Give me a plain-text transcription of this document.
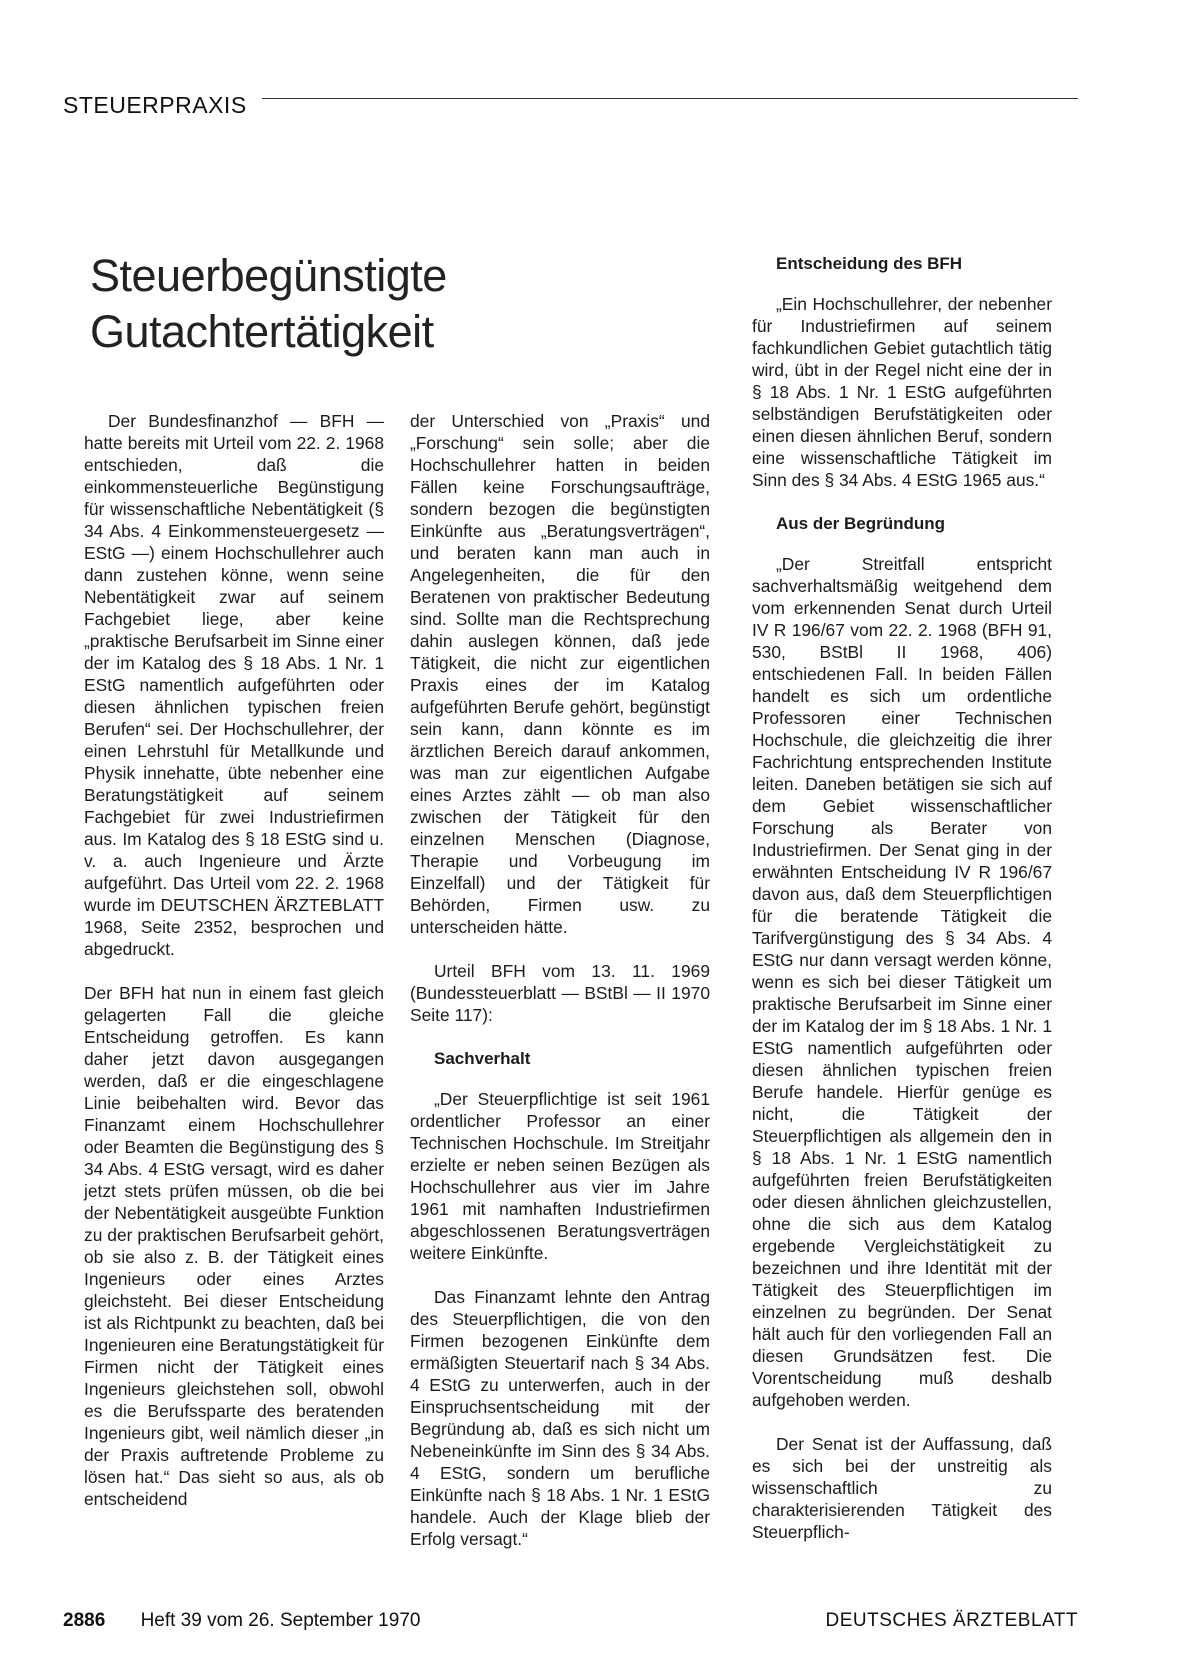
STEUERPRAXIS
Steuerbegünstigte
Gutachtertätigkeit

Der Bundesfinanzhof — BFH — hatte bereits mit Urteil vom 22. 2. 1968 entschieden, daß die einkommensteuerliche Begünstigung für wissenschaftliche Nebentätigkeit (§ 34 Abs. 4 Einkommensteuergesetz — EStG —) einem Hochschullehrer auch dann zustehen könne, wenn seine Nebentätigkeit zwar auf seinem Fachgebiet liege, aber keine „praktische Berufsarbeit im Sinne einer der im Katalog des § 18 Abs. 1 Nr. 1 EStG namentlich aufgeführten oder diesen ähnlichen typischen freien Berufen“ sei. Der Hochschullehrer, der einen Lehrstuhl für Metallkunde und Physik innehatte, übte nebenher eine Beratungstätigkeit auf seinem Fachgebiet für zwei Industriefirmen aus. Im Katalog des § 18 EStG sind u. v. a. auch Ingenieure und Ärzte aufgeführt. Das Urteil vom 22. 2. 1968 wurde im DEUTSCHEN ÄRZTEBLATT 1968, Seite 2352, besprochen und abgedruckt.

Der BFH hat nun in einem fast gleich gelagerten Fall die gleiche Entscheidung getroffen. Es kann daher jetzt davon ausgegangen werden, daß er die eingeschlagene Linie beibehalten wird. Bevor das Finanzamt einem Hochschullehrer oder Beamten die Begünstigung des § 34 Abs. 4 EStG versagt, wird es daher jetzt stets prüfen müssen, ob die bei der Nebentätigkeit ausgeübte Funktion zu der praktischen Berufsarbeit gehört, ob sie also z. B. der Tätigkeit eines Ingenieurs oder eines Arztes gleichsteht. Bei dieser Entscheidung ist als Richtpunkt zu beachten, daß bei Ingenieuren eine Beratungstätigkeit für Firmen nicht der Tätigkeit eines Ingenieurs gleichstehen soll, obwohl es die Berufssparte des beratenden Ingenieurs gibt, weil nämlich dieser „in der Praxis auftretende Probleme zu lösen hat.“ Das sieht so aus, als ob entscheidend

der Unterschied von „Praxis“ und „Forschung“ sein solle; aber die Hochschullehrer hatten in beiden Fällen keine Forschungsaufträge, sondern bezogen die begünstigten Einkünfte aus „Beratungsverträgen“, und beraten kann man auch in Angelegenheiten, die für den Beratenen von praktischer Bedeutung sind. Sollte man die Rechtsprechung dahin auslegen können, daß jede Tätigkeit, die nicht zur eigentlichen Praxis eines der im Katalog aufgeführten Berufe gehört, begünstigt sein kann, dann könnte es im ärztlichen Bereich darauf ankommen, was man zur eigentlichen Aufgabe eines Arztes zählt — ob man also zwischen der Tätigkeit für den einzelnen Menschen (Diagnose, Therapie und Vorbeugung im Einzelfall) und der Tätigkeit für Behörden, Firmen usw. zu unterscheiden hätte.

Urteil BFH vom 13. 11. 1969 (Bundessteuerblatt — BStBl — II 1970 Seite 117):

Sachverhalt

„Der Steuerpflichtige ist seit 1961 ordentlicher Professor an einer Technischen Hochschule. Im Streitjahr erzielte er neben seinen Bezügen als Hochschullehrer aus vier im Jahre 1961 mit namhaften Industriefirmen abgeschlossenen Beratungsverträgen weitere Einkünfte.

Das Finanzamt lehnte den Antrag des Steuerpflichtigen, die von den Firmen bezogenen Einkünfte dem ermäßigten Steuertarif nach § 34 Abs. 4 EStG zu unterwerfen, auch in der Einspruchsentscheidung mit der Begründung ab, daß es sich nicht um Nebeneinkünfte im Sinn des § 34 Abs. 4 EStG, sondern um berufliche Einkünfte nach § 18 Abs. 1 Nr. 1 EStG handele. Auch der Klage blieb der Erfolg versagt.“

Entscheidung des BFH

„Ein Hochschullehrer, der nebenher für Industriefirmen auf seinem fachkundlichen Gebiet gutachtlich tätig wird, übt in der Regel nicht eine der in § 18 Abs. 1 Nr. 1 EStG aufgeführten selbständigen Berufstätigkeiten oder einen diesen ähnlichen Beruf, sondern eine wissenschaftliche Tätigkeit im Sinn des § 34 Abs. 4 EStG 1965 aus.“

Aus der Begründung

„Der Streitfall entspricht sachverhaltsmäßig weitgehend dem vom erkennenden Senat durch Urteil IV R 196/67 vom 22. 2. 1968 (BFH 91, 530, BStBl II 1968, 406) entschiedenen Fall. In beiden Fällen handelt es sich um ordentliche Professoren einer Technischen Hochschule, die gleichzeitig die ihrer Fachrichtung entsprechenden Institute leiten. Daneben betätigen sie sich auf dem Gebiet wissenschaftlicher Forschung als Berater von Industriefirmen. Der Senat ging in der erwähnten Entscheidung IV R 196/67 davon aus, daß dem Steuerpflichtigen für die beratende Tätigkeit die Tarifvergünstigung des § 34 Abs. 4 EStG nur dann versagt werden könne, wenn es sich bei dieser Tätigkeit um praktische Berufsarbeit im Sinne einer der im Katalog der im § 18 Abs. 1 Nr. 1 EStG namentlich aufgeführten oder diesen ähnlichen typischen freien Berufe handele. Hierfür genüge es nicht, die Tätigkeit der Steuerpflichtigen als allgemein den in § 18 Abs. 1 Nr. 1 EStG namentlich aufgeführten freien Berufstätigkeiten oder diesen ähnlichen gleichzustellen, ohne die sich aus dem Katalog ergebende Vergleichstätigkeit zu bezeichnen und ihre Identität mit der Tätigkeit des Steuerpflichtigen im einzelnen zu begründen. Der Senat hält auch für den vorliegenden Fall an diesen Grundsätzen fest. Die Vorentscheidung muß deshalb aufgehoben werden.

Der Senat ist der Auffassung, daß es sich bei der unstreitig als wissenschaftlich zu charakterisierenden Tätigkeit des Steuerpflich-

2886 Heft 39 vom 26. September 1970	DEUTSCHES ÄRZTEBLATT
